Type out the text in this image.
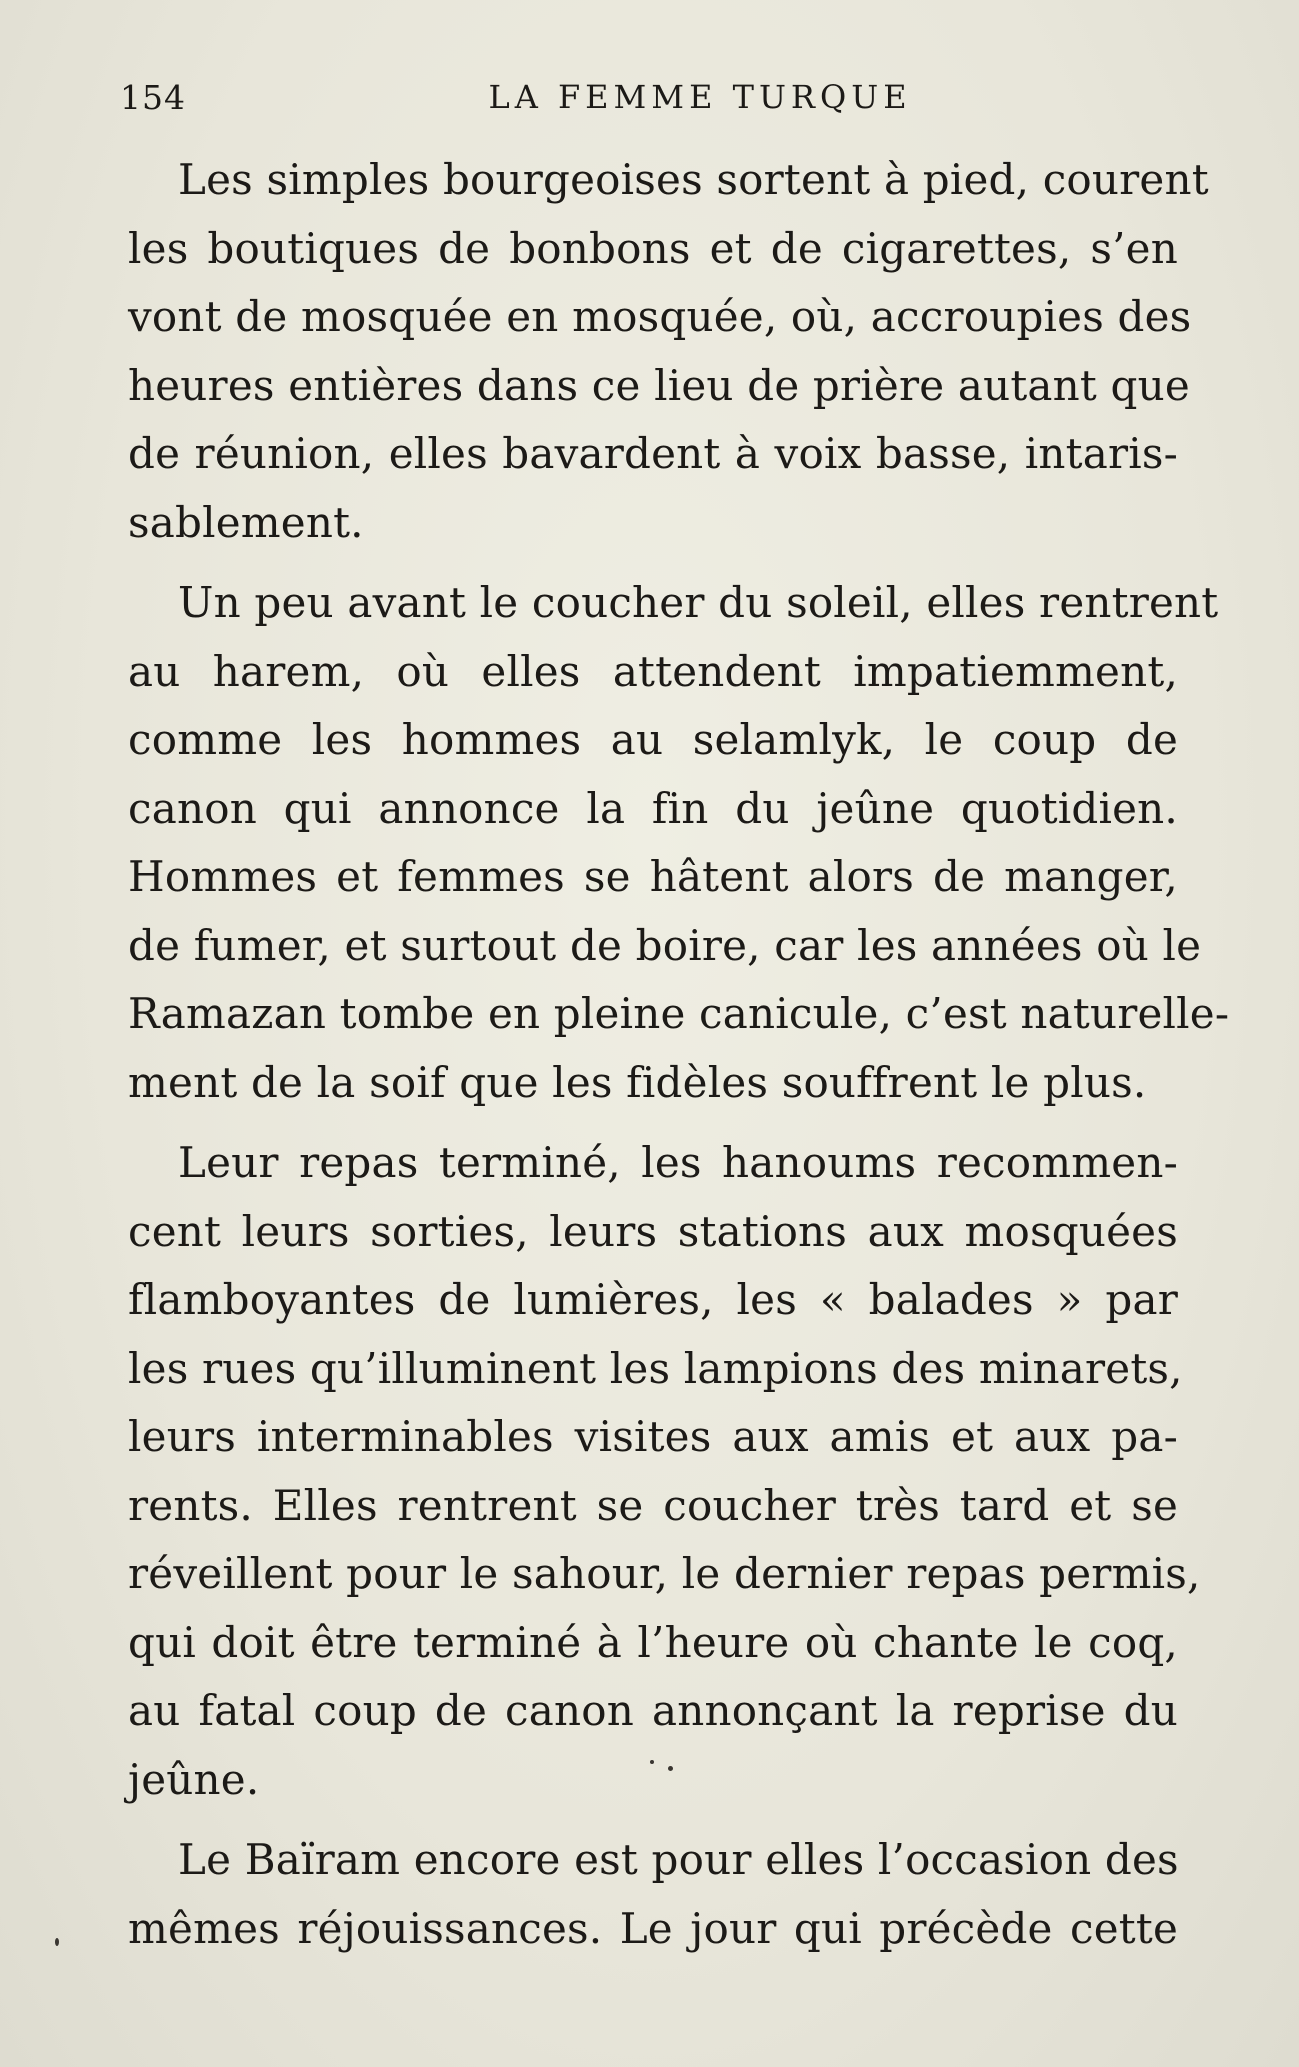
154	LA FEMME TURQUE
Les simples bourgeoises sortent à pied, courent
les boutiques de bonbons et de cigarettes, s’en
vont de mosquée en mosquée, où, accroupies des
heures entières dans ce lieu de prière autant que
de réunion, elles bavardent à voix basse, intaris-
sablement.
Un peu avant le coucher du soleil, elles rentrent
au harem, où elles attendent impatiemment,
comme les hommes au selamlyk, le coup de
canon qui annonce la fin du jeûne quotidien.
Hommes et femmes se hâtent alors de manger,
de fumer, et surtout de boire, car les années où le
Ramazan tombe en pleine canicule, c’est naturelle-
ment de la soif que les fidèles souffrent le plus.
Leur repas terminé, les hanoums recommen-
cent leurs sorties, leurs stations aux mosquées
flamboyantes de lumières, les « balades » par
les rues qu’illuminent les lampions des minarets,
leurs interminables visites aux amis et aux pa-
rents. Elles rentrent se coucher très tard et se
réveillent pour le sahour, le dernier repas permis,
qui doit être terminé à l’heure où chante le coq,
au fatal coup de canon annonçant la reprise du
jeûne.
Le Baïram encore est pour elles l’occasion des
mêmes réjouissances. Le jour qui précède cette
